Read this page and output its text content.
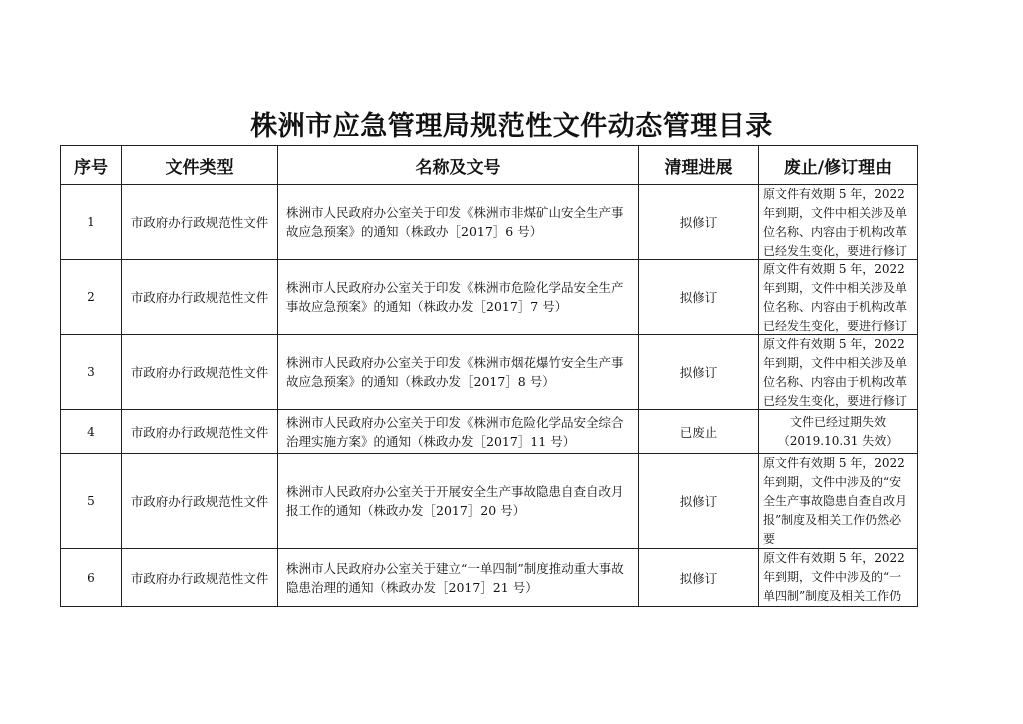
株洲市应急管理局规范性文件动态管理目录
序号	文件类型	名称及文号	清理进展	废止/修订理由
1	市政府办行政规范性文件	株洲市人民政府办公室关于印发《株洲市非煤矿山安全生产事故应急预案》的通知（株政办［2017］6 号）	拟修订	原文件有效期 5 年，2022 年到期，文件中相关涉及单位名称、内容由于机构改革已经发生变化，要进行修订

2	市政府办行政规范性文件	株洲市人民政府办公室关于印发《株洲市危险化学品安全生产事故应急预案》的通知（株政办发［2017］7 号）	拟修订	原文件有效期 5 年，2022 年到期，文件中相关涉及单位名称、内容由于机构改革已经发生变化，要进行修订

3	市政府办行政规范性文件	株洲市人民政府办公室关于印发《株洲市烟花爆竹安全生产事故应急预案》的通知（株政办发［2017］8 号）	拟修订	原文件有效期 5 年，2022 年到期，文件中相关涉及单位名称、内容由于机构改革已经发生变化，要进行修订

4	市政府办行政规范性文件	株洲市人民政府办公室关于印发《株洲市危险化学品安全综合治理实施方案》的通知（株政办发［2017］11 号）	已废止	文件已经过期失效
（2019.10.31 失效）

5	市政府办行政规范性文件	株洲市人民政府办公室关于开展安全生产事故隐患自查自改月报工作的通知（株政办发［2017］20 号）	拟修订	原文件有效期 5 年，2022 年到期，文件中涉及的“安全生产事故隐患自查自改月报”制度及相关工作仍然必要

6	市政府办行政规范性文件	株洲市人民政府办公室关于建立“一单四制”制度推动重大事故隐患治理的通知（株政办发［2017］21 号）	拟修订	原文件有效期 5 年，2022 年到期，文件中涉及的“一单四制”制度及相关工作仍
